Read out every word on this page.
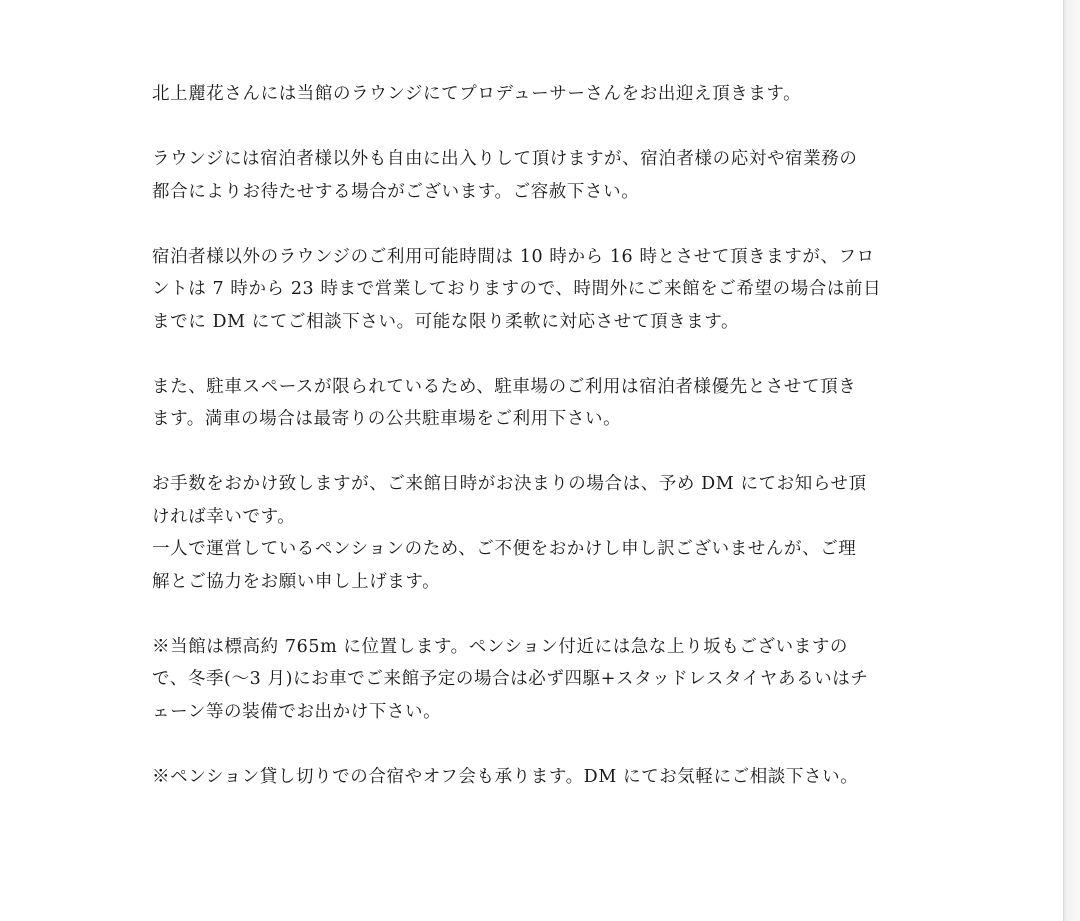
北上麗花さんには当館のラウンジにてプロデューサーさんをお出迎え頂きます。

ラウンジには宿泊者様以外も自由に出入りして頂けますが、宿泊者様の応対や宿業務の
都合によりお待たせする場合がございます。ご容赦下さい。

宿泊者様以外のラウンジのご利用可能時間は 10 時から 16 時とさせて頂きますが、フロ
ントは 7 時から 23 時まで営業しておりますので、時間外にご来館をご希望の場合は前日
までに DM にてご相談下さい。可能な限り柔軟に対応させて頂きます。

また、駐車スペースが限られているため、駐車場のご利用は宿泊者様優先とさせて頂き
ます。満車の場合は最寄りの公共駐車場をご利用下さい。

お手数をおかけ致しますが、ご来館日時がお決まりの場合は、予め DM にてお知らせ頂
ければ幸いです。

一人で運営しているペンションのため、ご不便をおかけし申し訳ございませんが、ご理
解とご協力をお願い申し上げます。

※当館は標高約 765m に位置します。ペンション付近には急な上り坂もございますの
で、冬季(〜3 月)にお車でご来館予定の場合は必ず四駆+スタッドレスタイヤあるいはチ
ェーン等の装備でお出かけ下さい。

※ペンション貸し切りでの合宿やオフ会も承ります。DM にてお気軽にご相談下さい。
